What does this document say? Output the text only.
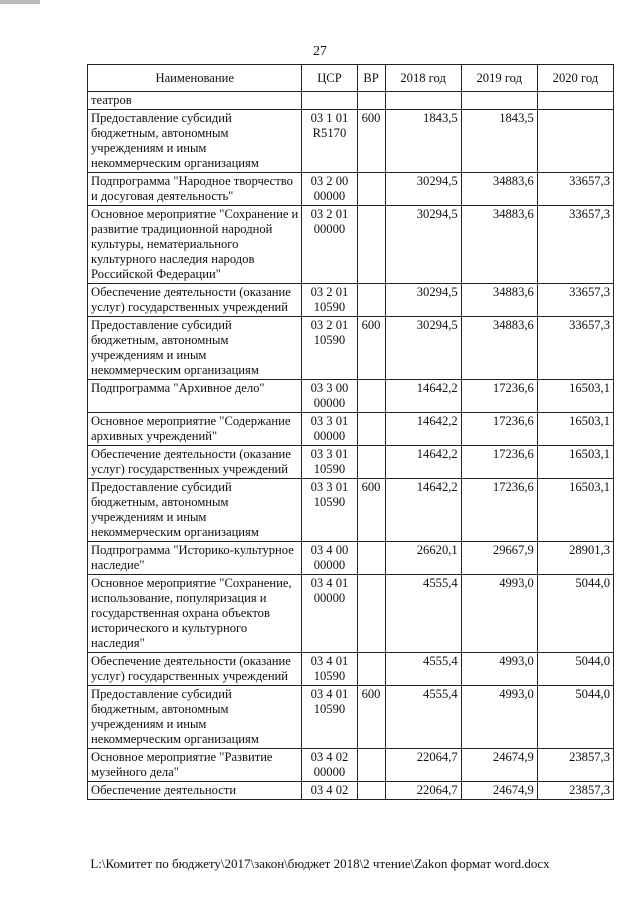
27
Наименование	ЦСР	ВР	2018 год	2019 год	2020 год
театров					
Предоставление субсидий бюджетным, автономным учреждениям и иным некоммерческим организациям	03 1 01 R5170	600	1843,5	1843,5	
Подпрограмма "Народное творчество и досуговая деятельность"	03 2 00 00000		30294,5	34883,6	33657,3
Основное мероприятие "Сохранение и развитие традиционной народной культуры, нематериального культурного наследия народов Российской Федерации"	03 2 01 00000		30294,5	34883,6	33657,3
Обеспечение деятельности (оказание услуг) государственных учреждений	03 2 01 10590		30294,5	34883,6	33657,3
Предоставление субсидий бюджетным, автономным учреждениям и иным некоммерческим организациям	03 2 01 10590	600	30294,5	34883,6	33657,3
Подпрограмма "Архивное дело"	03 3 00 00000		14642,2	17236,6	16503,1
Основное мероприятие "Содержание архивных учреждений"	03 3 01 00000		14642,2	17236,6	16503,1
Обеспечение деятельности (оказание услуг) государственных учреждений	03 3 01 10590		14642,2	17236,6	16503,1
Предоставление субсидий бюджетным, автономным учреждениям и иным некоммерческим организациям	03 3 01 10590	600	14642,2	17236,6	16503,1
Подпрограмма "Историко-культурное наследие"	03 4 00 00000		26620,1	29667,9	28901,3
Основное мероприятие "Сохранение, использование, популяризация и государственная охрана объектов исторического и культурного наследия"	03 4 01 00000		4555,4	4993,0	5044,0
Обеспечение деятельности (оказание услуг) государственных учреждений	03 4 01 10590		4555,4	4993,0	5044,0
Предоставление субсидий бюджетным, автономным учреждениям и иным некоммерческим организациям	03 4 01 10590	600	4555,4	4993,0	5044,0
Основное мероприятие "Развитие музейного дела"	03 4 02 00000		22064,7	24674,9	23857,3
Обеспечение деятельности	03 4 02		22064,7	24674,9	23857,3
L:\Комитет по бюджету\2017\закон\бюджет 2018\2 чтение\Zakon формат word.docx
